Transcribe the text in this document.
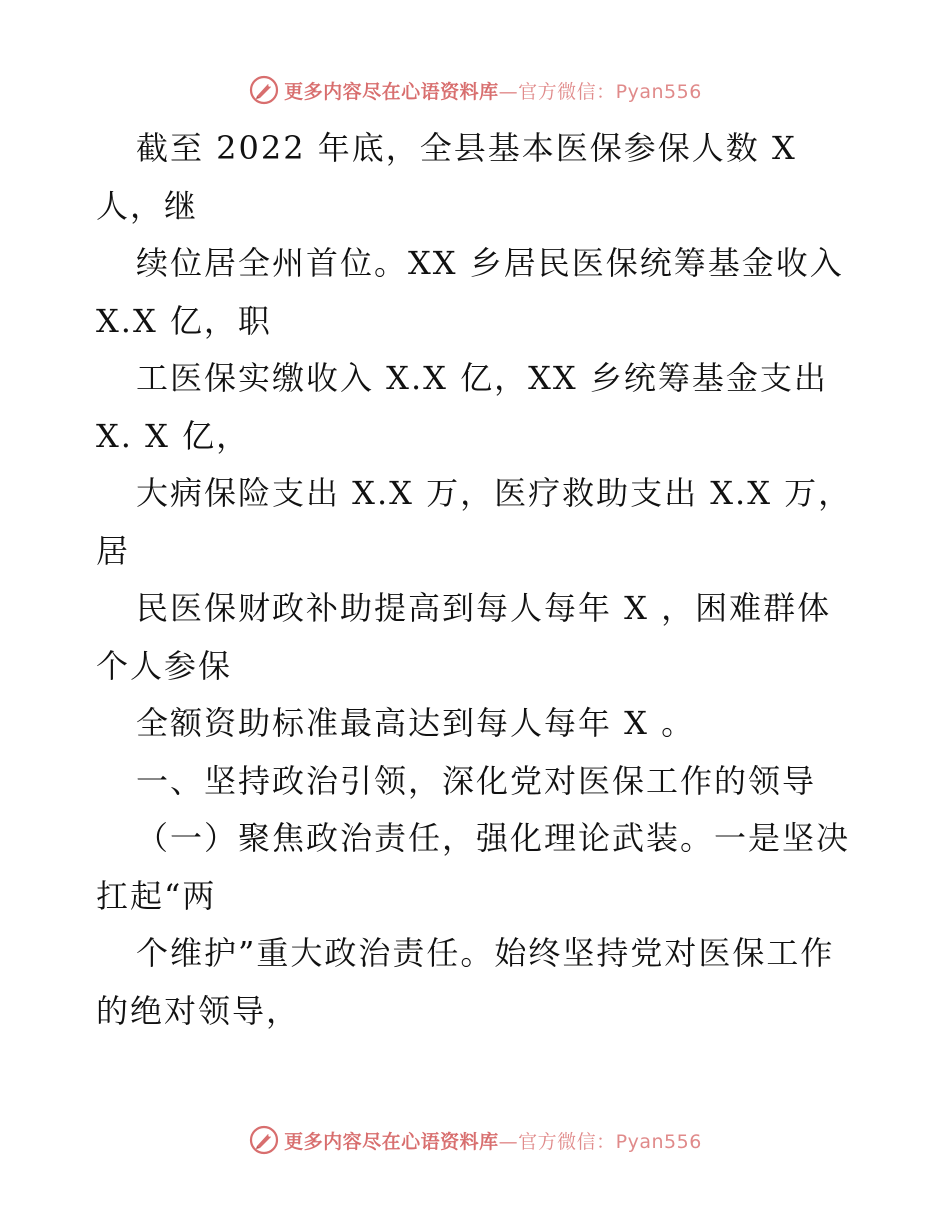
更多内容尽在心语资料库—官方微信：Pyan556
截至 2022 年底，全县基本医保参保人数 X
人，继
续位居全州首位。XX 乡居民医保统筹基金收入
X.X 亿，职
工医保实缴收入 X.X 亿，XX 乡统筹基金支出
X. X 亿，
大病保险支出 X.X 万，医疗救助支出 X.X 万，
居
民医保财政补助提高到每人每年 X ，困难群体
个人参保
全额资助标准最高达到每人每年 X 。
一、坚持政治引领，深化党对医保工作的领导
（一）聚焦政治责任，强化理论武装。一是坚决
扛起“两
个维护”重大政治责任。始终坚持党对医保工作
的绝对领导，
更多内容尽在心语资料库—官方微信：Pyan556
